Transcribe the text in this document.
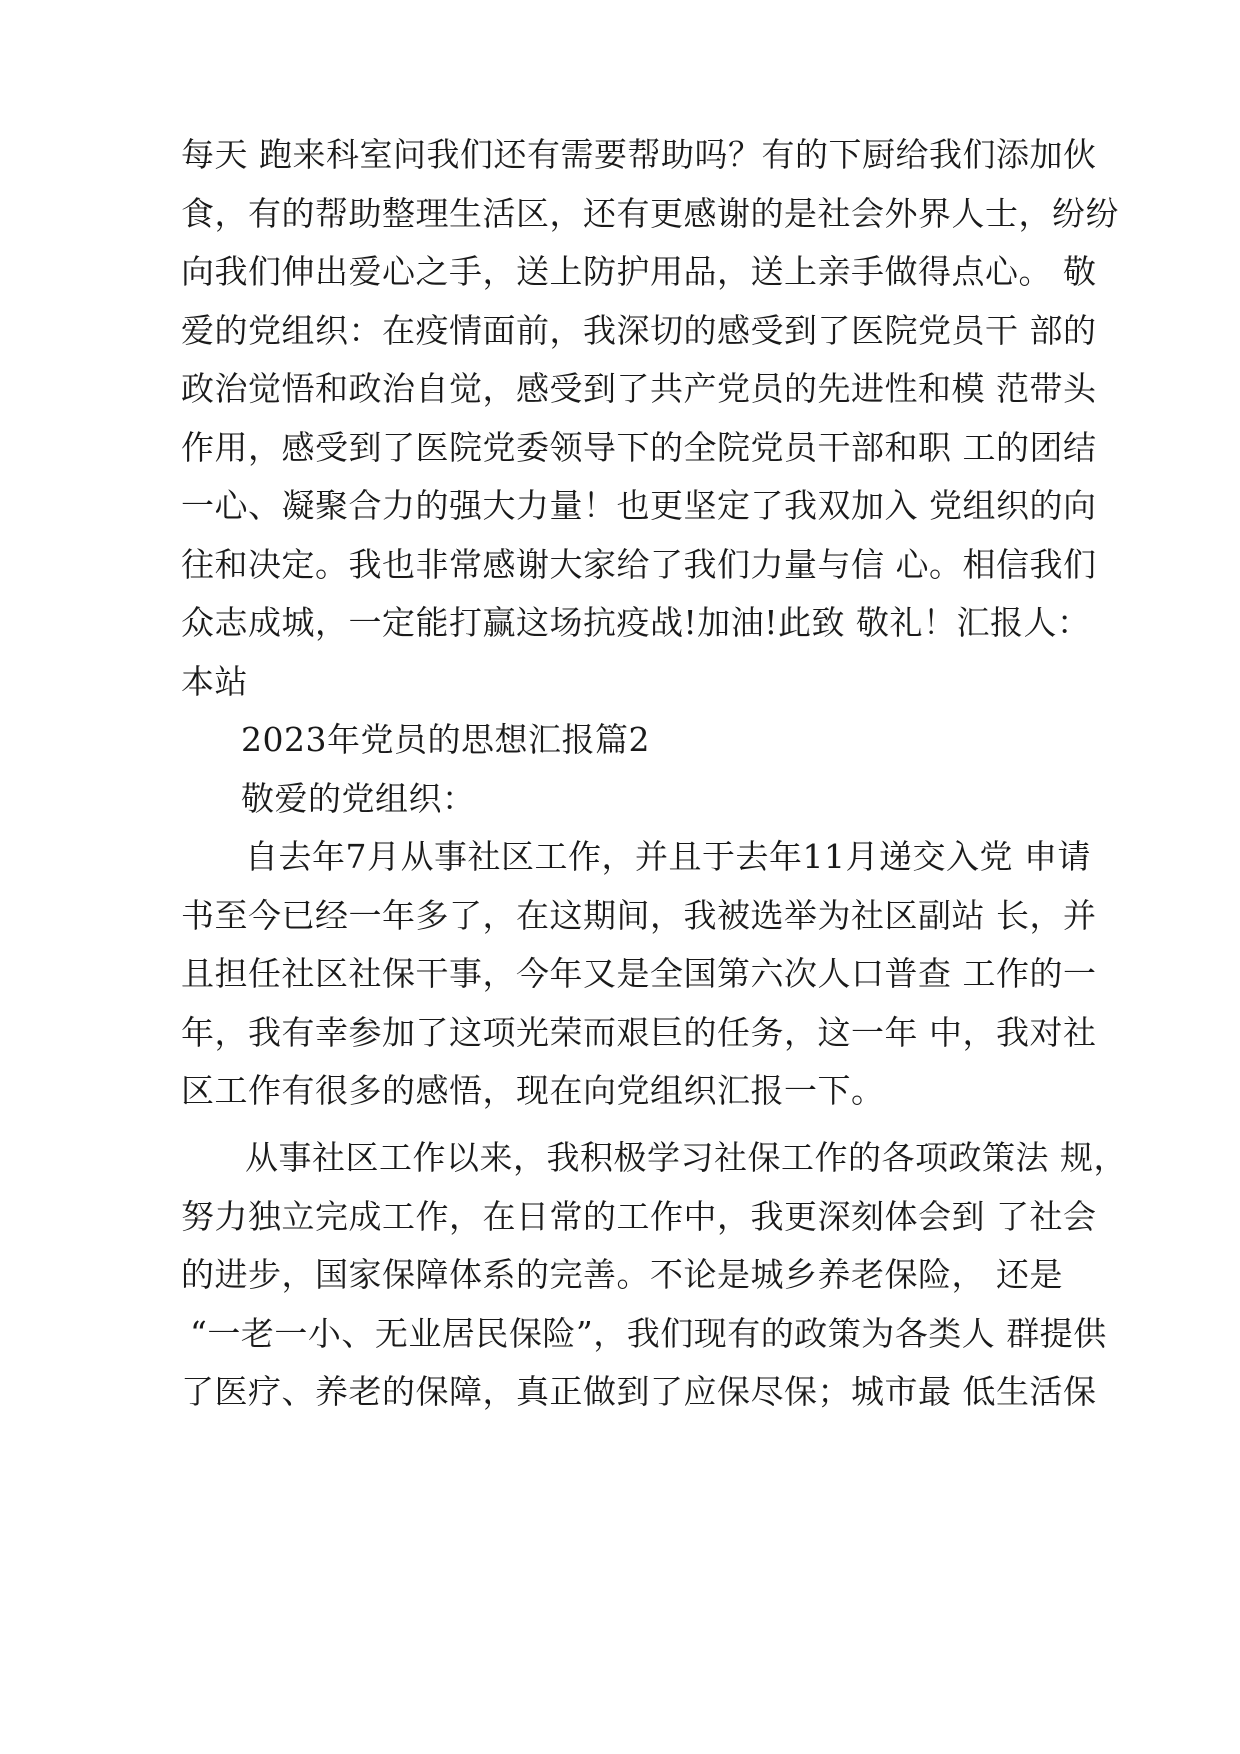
每天 跑来科室问我们还有需要帮助吗？有的下厨给我们添加伙
食，有的帮助整理生活区，还有更感谢的是社会外界人士，纷纷
向我们伸出爱心之手，送上防护用品，送上亲手做得点心。 敬
爱的党组织：在疫情面前，我深切的感受到了医院党员干 部的
政治觉悟和政治自觉，感受到了共产党员的先进性和模 范带头
作用，感受到了医院党委领导下的全院党员干部和职 工的团结
一心、凝聚合力的强大力量！也更坚定了我双加入 党组织的向
往和决定。我也非常感谢大家给了我们力量与信 心。相信我们
众志成城，一定能打赢这场抗疫战!加油!此致 敬礼！汇报人：
本站
2023年党员的思想汇报篇2
敬爱的党组织：
自去年7月从事社区工作，并且于去年11月递交入党 申请
书至今已经一年多了，在这期间，我被选举为社区副站 长，并
且担任社区社保干事，今年又是全国第六次人口普查 工作的一
年，我有幸参加了这项光荣而艰巨的任务，这一年 中，我对社
区工作有很多的感悟，现在向党组织汇报一下。
从事社区工作以来，我积极学习社保工作的各项政策法 规，
努力独立完成工作，在日常的工作中，我更深刻体会到 了社会
的进步，国家保障体系的完善。不论是城乡养老保险， 还是
“一老一小、无业居民保险”，我们现有的政策为各类人 群提供
了医疗、养老的保障，真正做到了应保尽保；城市最 低生活保
